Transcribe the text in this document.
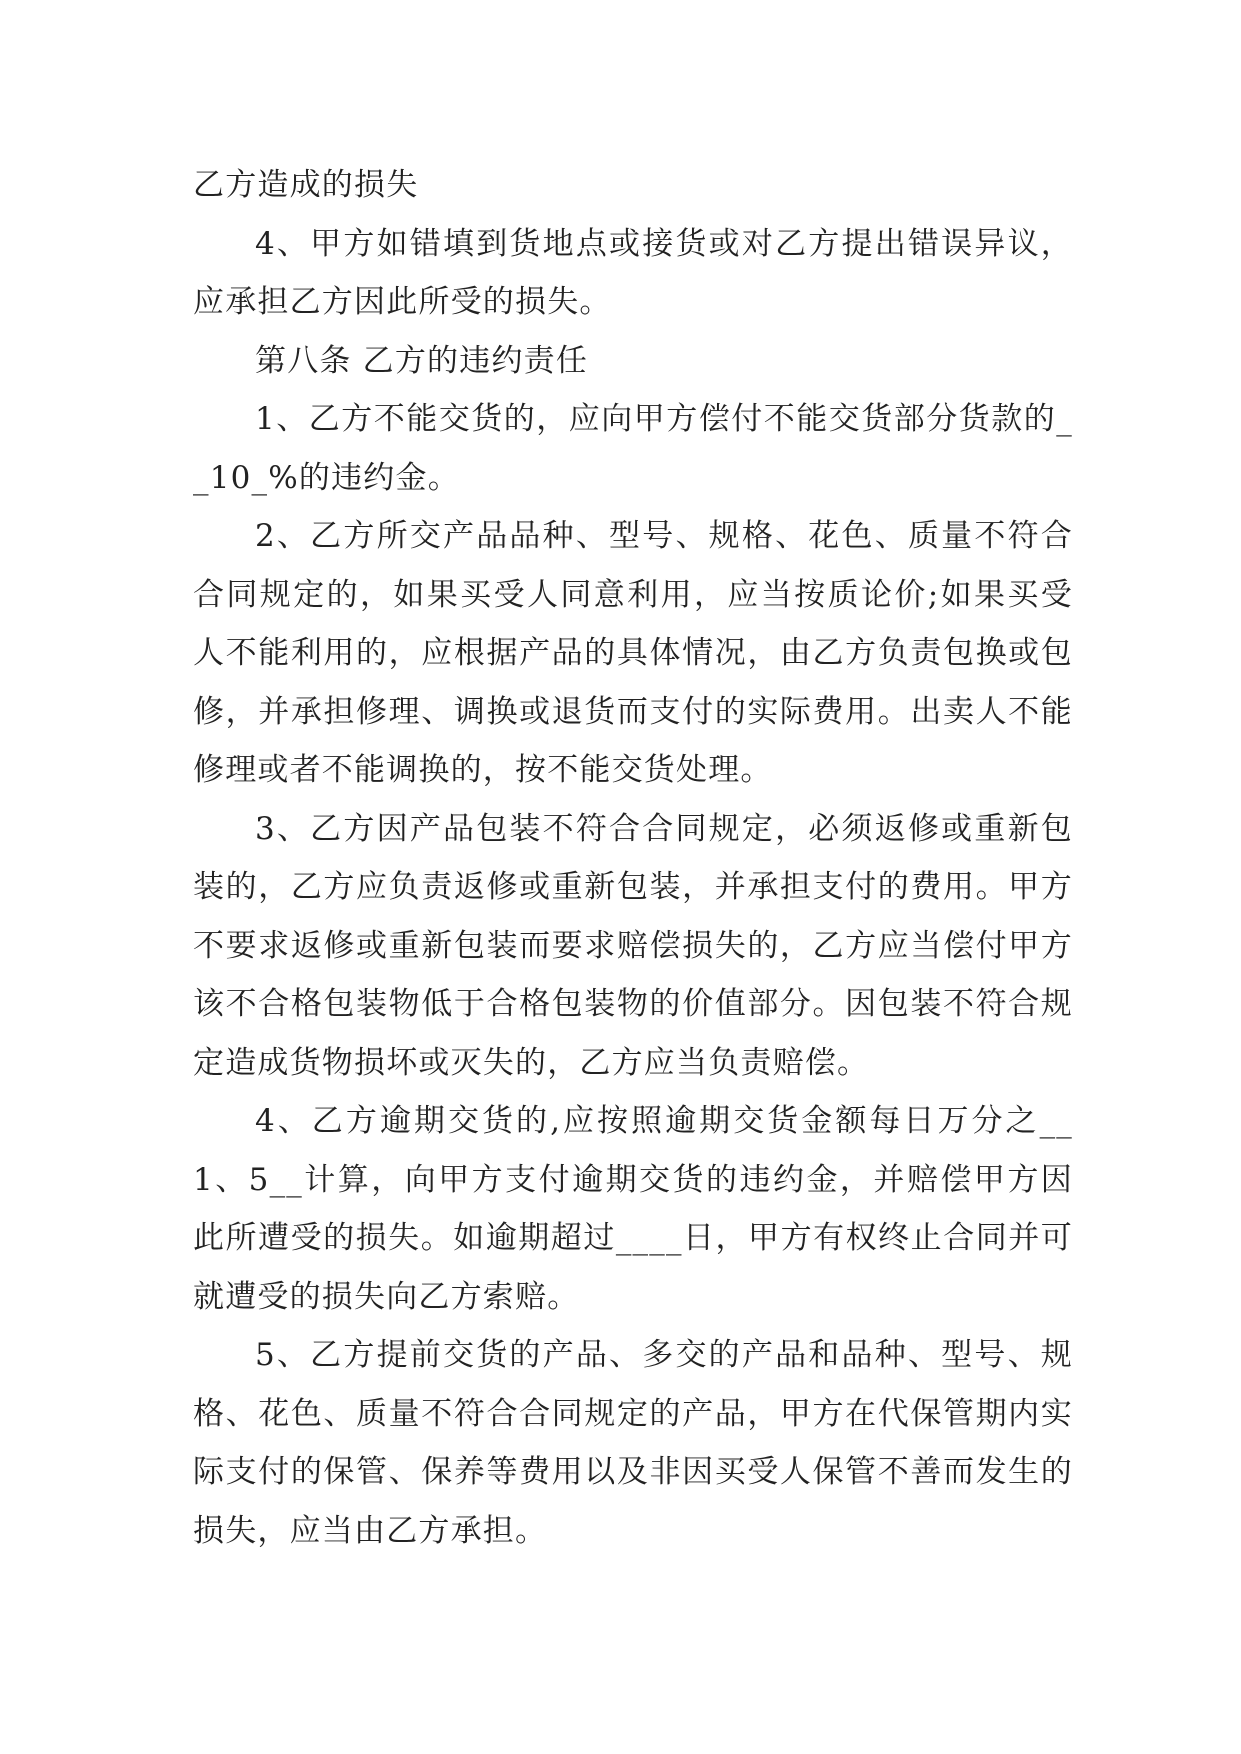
乙方造成的损失

4、甲方如错填到货地点或接货或对乙方提出错误异议，应承担乙方因此所受的损失。

第八条 乙方的违约责任

1、乙方不能交货的，应向甲方偿付不能交货部分货款的__10_%的违约金。

2、乙方所交产品品种、型号、规格、花色、质量不符合合同规定的，如果买受人同意利用，应当按质论价;如果买受人不能利用的，应根据产品的具体情况，由乙方负责包换或包修，并承担修理、调换或退货而支付的实际费用。出卖人不能修理或者不能调换的，按不能交货处理。

3、乙方因产品包装不符合合同规定，必须返修或重新包装的，乙方应负责返修或重新包装，并承担支付的费用。甲方不要求返修或重新包装而要求赔偿损失的，乙方应当偿付甲方该不合格包装物低于合格包装物的价值部分。因包装不符合规定造成货物损坏或灭失的，乙方应当负责赔偿。

4、乙方逾期交货的,应按照逾期交货金额每日万分之__1、5__计算，向甲方支付逾期交货的违约金，并赔偿甲方因此所遭受的损失。如逾期超过____日，甲方有权终止合同并可就遭受的损失向乙方索赔。

5、乙方提前交货的产品、多交的产品和品种、型号、规格、花色、质量不符合合同规定的产品，甲方在代保管期内实际支付的保管、保养等费用以及非因买受人保管不善而发生的损失，应当由乙方承担。
